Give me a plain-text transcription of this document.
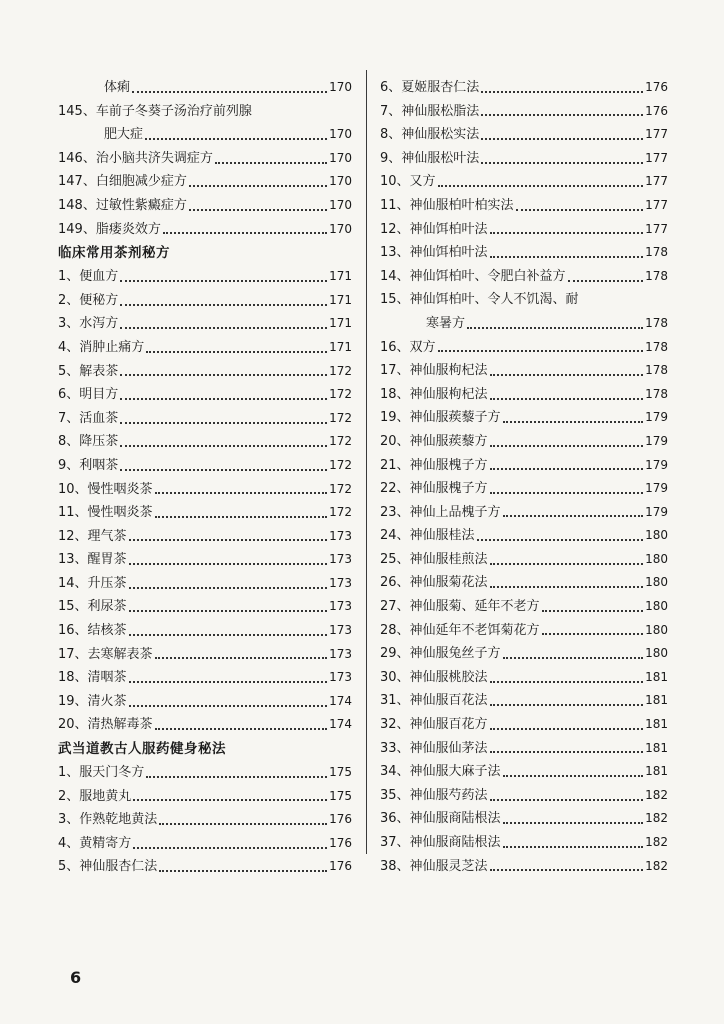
体痢	170
145、 车前子冬葵子汤治疗前列腺
肥大症	170
146、 治小脑共济失调症方	170
147、 白细胞减少症方	170
148、 过敏性紫癜症方	170
149、 脂瘘炎效方	170
临床常用茶剂秘方
1、 便血方	171
2、 便秘方	171
3、 水泻方	171
4、 消肿止痛方	171
5、 解表茶	172
6、 明目方	172
7、 活血茶	172
8、 降压茶	172
9、 利咽茶	172
10、 慢性咽炎茶	172
11、 慢性咽炎茶	172
12、 理气茶	173
13、 醒胃茶	173
14、 升压茶	173
15、 利尿茶	173
16、 结核茶	173
17、 去寒解表茶	173
18、 清咽茶	173
19、 清火茶	174
20、 清热解毒茶	174
武当道教古人服药健身秘法
1、 服天门冬方	175
2、 服地黄丸	175
3、 作熟乾地黄法	176
4、 黄精寄方	176
5、 神仙服杏仁法	176
6、 夏姬服杏仁法	176
7、 神仙服松脂法	176
8、 神仙服松实法	177
9、 神仙服松叶法	177
10、 又方	177
11、 神仙服柏叶柏实法	177
12、 神仙饵柏叶法	177
13、 神仙饵柏叶法	178
14、 神仙饵柏叶、令肥白补益方	178
15、 神仙饵柏叶、令人不饥渴、耐
寒暑方	178
16、 双方	178
17、 神仙服枸杞法	178
18、 神仙服枸杞法	178
19、 神仙服蒺藜子方	179
20、 神仙服蒺藜方	179
21、 神仙服槐子方	179
22、 神仙服槐子方	179
23、 神仙上品槐子方	179
24、 神仙服桂法	180
25、 神仙服桂煎法	180
26、 神仙服菊花法	180
27、 神仙服菊、延年不老方	180
28、 神仙延年不老饵菊花方	180
29、 神仙服兔丝子方	180
30、 神仙服桃胶法	181
31、 神仙服百花法	181
32、 神仙服百花方	181
33、 神仙服仙茅法	181
34、 神仙服大麻子法	181
35、 神仙服芍药法	182
36、 神仙服商陆根法	182
37、 神仙服商陆根法	182
38、 神仙服灵芝法	182
6
